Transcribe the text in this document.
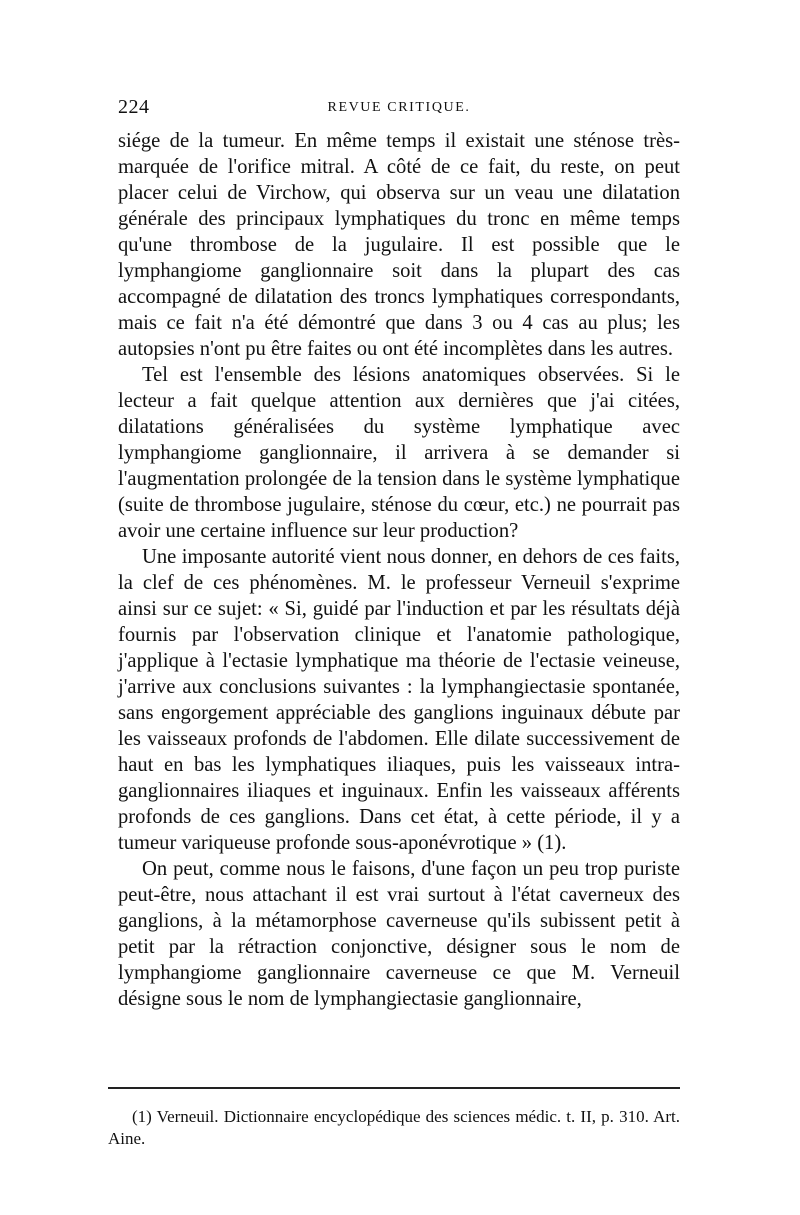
224	REVUE CRITIQUE.

siége de la tumeur. En même temps il existait une sténose très-marquée de l'orifice mitral. A côté de ce fait, du reste, on peut placer celui de Virchow, qui observa sur un veau une dilatation générale des principaux lymphatiques du tronc en même temps qu'une thrombose de la jugulaire. Il est possible que le lymphangiome ganglionnaire soit dans la plupart des cas accompagné de dilatation des troncs lymphatiques correspondants, mais ce fait n'a été démontré que dans 3 ou 4 cas au plus; les autopsies n'ont pu être faites ou ont été incomplètes dans les autres.

Tel est l'ensemble des lésions anatomiques observées. Si le lecteur a fait quelque attention aux dernières que j'ai citées, dilatations généralisées du système lymphatique avec lymphangiome ganglionnaire, il arrivera à se demander si l'augmentation prolongée de la tension dans le système lymphatique (suite de thrombose jugulaire, sténose du cœur, etc.) ne pourrait pas avoir une certaine influence sur leur production?

Une imposante autorité vient nous donner, en dehors de ces faits, la clef de ces phénomènes. M. le professeur Verneuil s'exprime ainsi sur ce sujet: « Si, guidé par l'induction et par les résultats déjà fournis par l'observation clinique et l'anatomie pathologique, j'applique à l'ectasie lymphatique ma théorie de l'ectasie veineuse, j'arrive aux conclusions suivantes : la lymphangiectasie spontanée, sans engorgement appréciable des ganglions inguinaux débute par les vaisseaux profonds de l'abdomen. Elle dilate successivement de haut en bas les lymphatiques iliaques, puis les vaisseaux intra-ganglionnaires iliaques et inguinaux. Enfin les vaisseaux afférents profonds de ces ganglions. Dans cet état, à cette période, il y a tumeur variqueuse profonde sous-aponévrotique » (1).

On peut, comme nous le faisons, d'une façon un peu trop puriste peut-être, nous attachant il est vrai surtout à l'état caverneux des ganglions, à la métamorphose caverneuse qu'ils subissent petit à petit par la rétraction conjonctive, désigner sous le nom de lymphangiome ganglionnaire caverneuse ce que M. Verneuil désigne sous le nom de lymphangiectasie ganglionnaire,

(1) Verneuil. Dictionnaire encyclopédique des sciences médic. t. II, p. 310. Art. Aine.
